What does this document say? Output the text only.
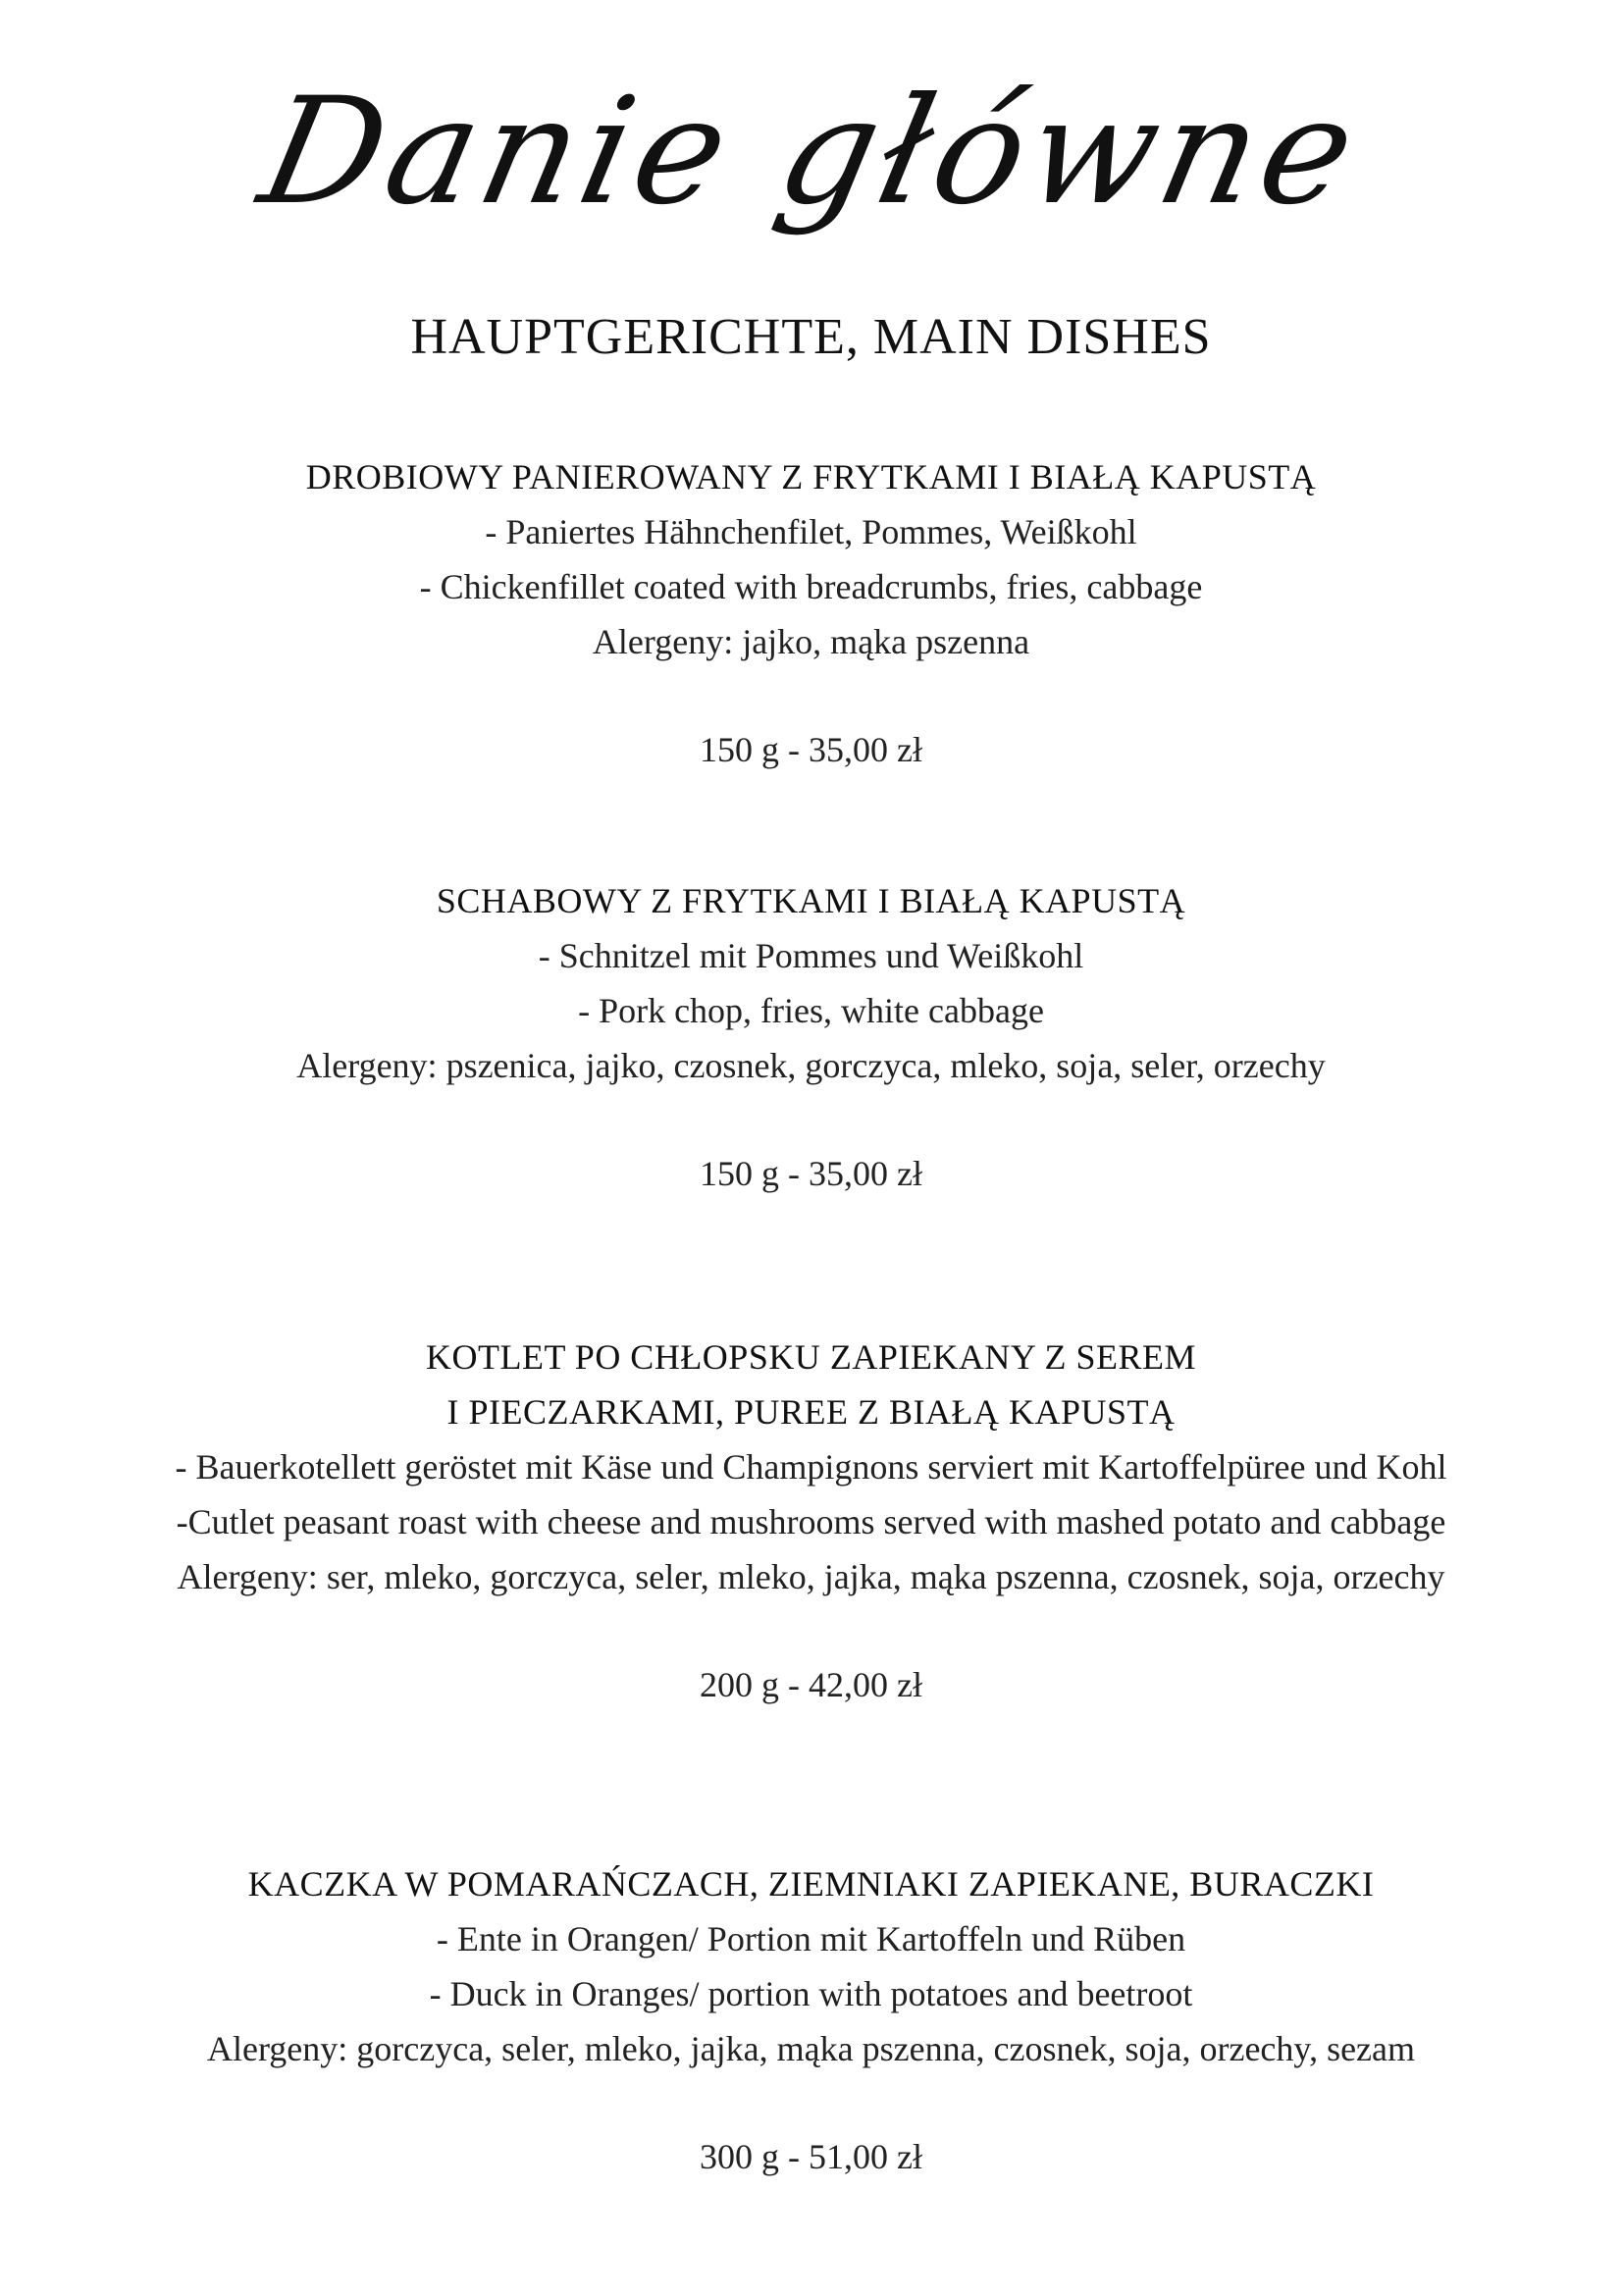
Danie główne
HAUPTGERICHTE, MAIN DISHES
DROBIOWY PANIEROWANY Z FRYTKAMI I BIAŁĄ KAPUSTĄ
- Paniertes Hähnchenfilet, Pommes, Weißkohl
- Chickenfillet coated with breadcrumbs, fries, cabbage
Alergeny: jajko, mąka pszenna
150 g - 35,00 zł
SCHABOWY Z FRYTKAMI I BIAŁĄ KAPUSTĄ
- Schnitzel mit Pommes und Weißkohl
- Pork chop, fries, white cabbage
Alergeny: pszenica, jajko, czosnek, gorczyca, mleko, soja, seler, orzechy
150 g - 35,00 zł
KOTLET PO CHŁOPSKU ZAPIEKANY Z SEREM
I PIECZARKAMI, PUREE Z BIAŁĄ KAPUSTĄ
- Bauerkotellett geröstet mit Käse und Champignons serviert mit Kartoffelpüree und Kohl
-Cutlet peasant roast with cheese and mushrooms served with mashed potato and cabbage
Alergeny: ser, mleko, gorczyca, seler, mleko, jajka, mąka pszenna, czosnek, soja, orzechy
200 g - 42,00 zł
KACZKA W POMARAŃCZACH, ZIEMNIAKI ZAPIEKANE, BURACZKI
- Ente in Orangen/ Portion mit Kartoffeln und Rüben
- Duck in Oranges/ portion with potatoes and beetroot
Alergeny: gorczyca, seler, mleko, jajka, mąka pszenna, czosnek, soja, orzechy, sezam
300 g - 51,00 zł
